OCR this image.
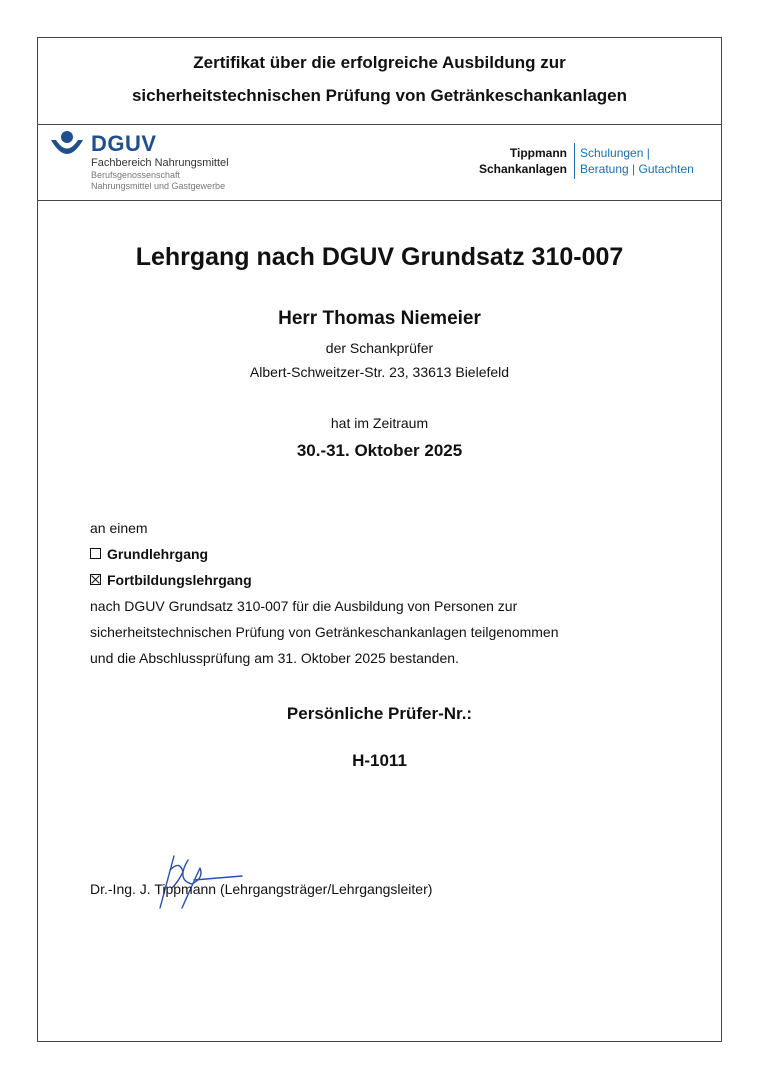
Zertifikat über die erfolgreiche Ausbildung zur
sicherheitstechnischen Prüfung von Getränkeschankanlagen
DGUV
Fachbereich Nahrungsmittel
Berufsgenossenschaft
Nahrungsmittel und Gastgewerbe
Tippmann
Schankanlagen
Schulungen |
Beratung | Gutachten
Lehrgang nach DGUV Grundsatz 310-007
Herr Thomas Niemeier
der Schankprüfer
Albert-Schweitzer-Str. 23, 33613 Bielefeld
hat im Zeitraum
30.-31. Oktober 2025
an einem
Grundlehrgang
Fortbildungslehrgang
nach DGUV Grundsatz 310-007 für die Ausbildung von Personen zur
sicherheitstechnischen Prüfung von Getränkeschankanlagen teilgenommen
und die Abschlussprüfung am 31. Oktober 2025 bestanden.
Persönliche Prüfer-Nr.:
H-1011
Dr.-Ing. J. Tippmann (Lehrgangsträger/Lehrgangsleiter)
